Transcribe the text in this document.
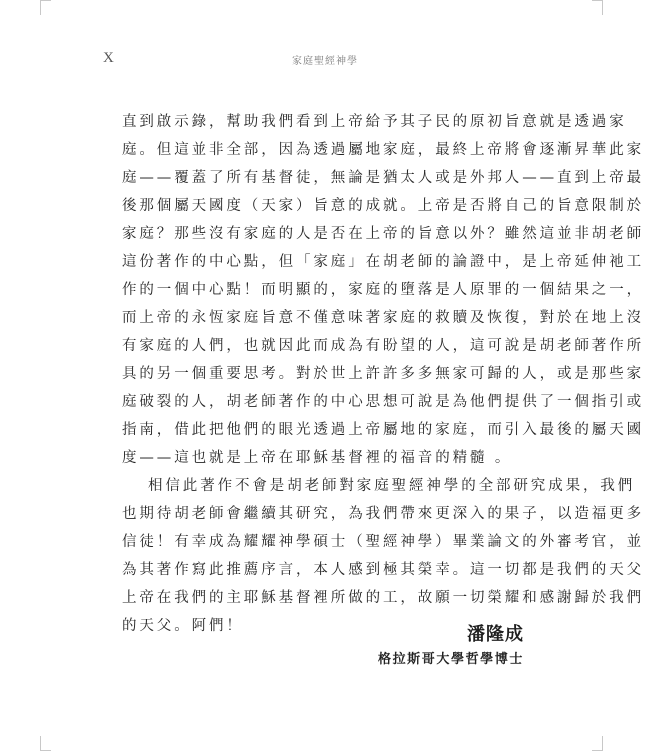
X	家庭聖經神學

直到啟示錄，幫助我們看到上帝給予其子民的原初旨意就是透過家
庭。但這並非全部，因為透過屬地家庭，最終上帝將會逐漸昇華此家
庭——覆蓋了所有基督徒，無論是猶太人或是外邦人——直到上帝最
後那個屬天國度（天家）旨意的成就。上帝是否將自己的旨意限制於
家庭？那些沒有家庭的人是否在上帝的旨意以外？雖然這並非胡老師
這份著作的中心點，但「家庭」在胡老師的論證中，是上帝延伸祂工
作的一個中心點！而明顯的，家庭的墮落是人原罪的一個結果之一，
而上帝的永恆家庭旨意不僅意味著家庭的救贖及恢復，對於在地上沒
有家庭的人們，也就因此而成為有盼望的人，這可說是胡老師著作所
具的另一個重要思考。對於世上許許多多無家可歸的人，或是那些家
庭破裂的人，胡老師著作的中心思想可說是為他們提供了一個指引或
指南，借此把他們的眼光透過上帝屬地的家庭，而引入最後的屬天國
度——這也就是上帝在耶穌基督裡的福音的精髓 。

相信此著作不會是胡老師對家庭聖經神學的全部研究成果，我們
也期待胡老師會繼續其研究，為我們帶來更深入的果子，以造福更多
信徒！有幸成為耀耀神學碩士（聖經神學）畢業論文的外審考官，並
為其著作寫此推薦序言，本人感到極其榮幸。這一切都是我們的天父
上帝在我們的主耶穌基督裡所做的工，故願一切榮耀和感謝歸於我們
的天父。阿們！	潘隆成
格拉斯哥大學哲學博士
